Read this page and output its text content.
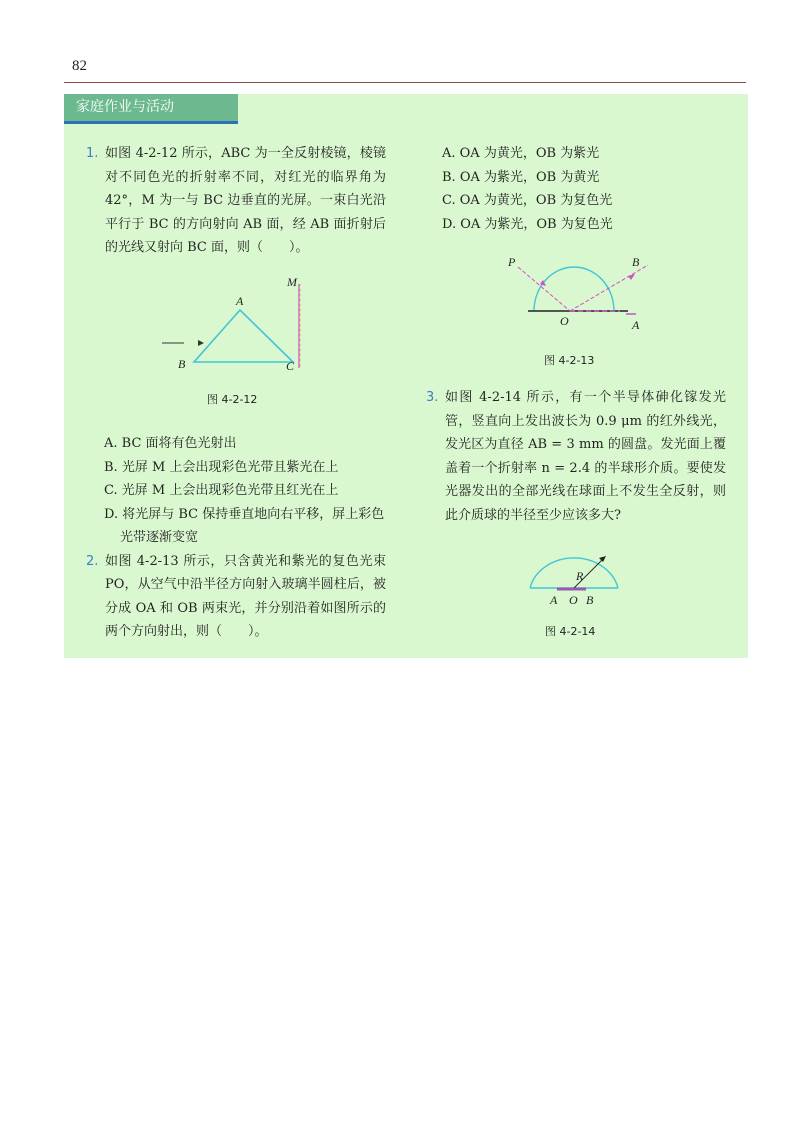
82
家庭作业与活动
1. 如图 4-2-12 所示，ABC 为一全反射棱镜，棱镜对不同色光的折射率不同，对红光的临界角为 42°，M 为一与 BC 边垂直的光屏。一束白光沿平行于 BC 的方向射向 AB 面，经 AB 面折射后的光线又射向 BC 面，则（　　）。
A
B	C
M
图 4-2-12
A. BC 面将有色光射出
B. 光屏 M 上会出现彩色光带且紫光在上
C. 光屏 M 上会出现彩色光带且红光在上
D. 将光屏与 BC 保持垂直地向右平移，屏上彩色光带逐渐变宽
2. 如图 4-2-13 所示，只含黄光和紫光的复色光束 PO，从空气中沿半径方向射入玻璃半圆柱后，被分成 OA 和 OB 两束光，并分别沿着如图所示的两个方向射出，则（　　）。
A. OA 为黄光，OB 为紫光
B. OA 为紫光，OB 为黄光
C. OA 为黄光，OB 为复色光
D. OA 为紫光，OB 为复色光
P	B
O	A
图 4-2-13
3. 如图 4-2-14 所示，有一个半导体砷化镓发光管，竖直向上发出波长为 0.9 μm 的红外线光，发光区为直径 AB = 3 mm 的圆盘。发光面上覆盖着一个折射率 n = 2.4 的半球形介质。要使发光器发出的全部光线在球面上不发生全反射，则此介质球的半径至少应该多大?
R
A O B
图 4-2-14
